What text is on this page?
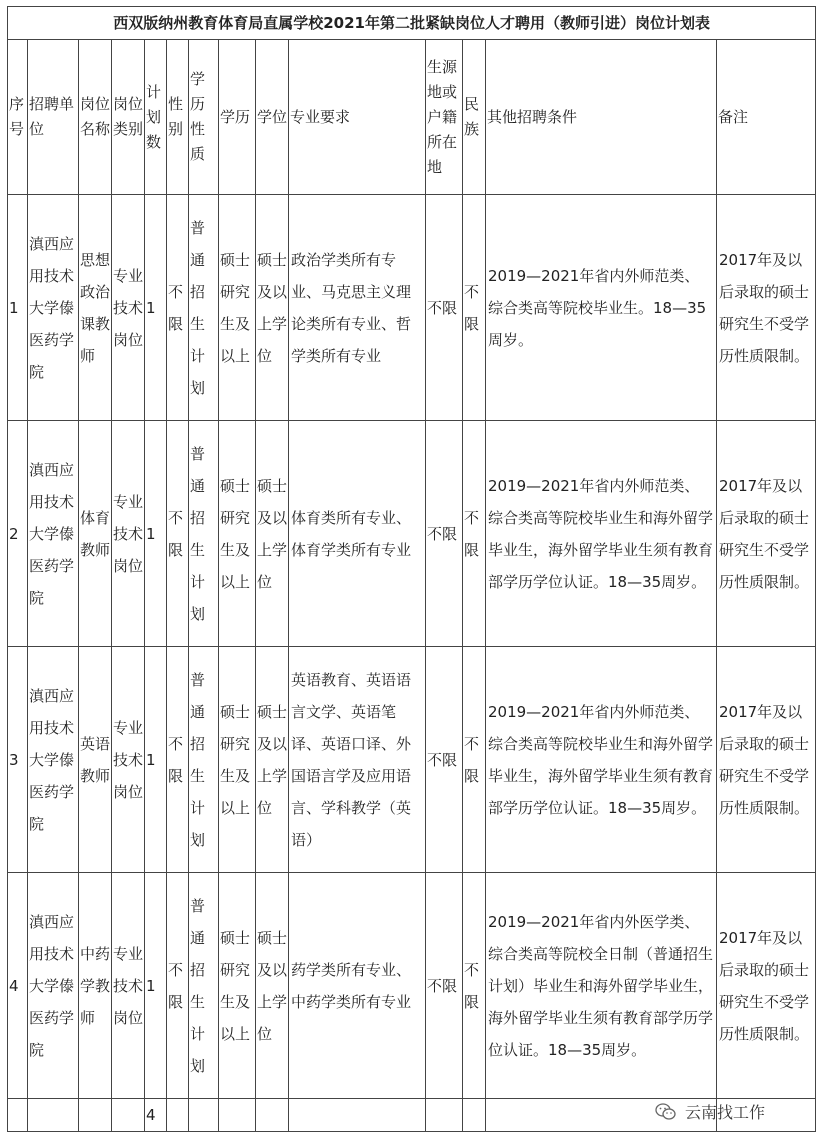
西双版纳州教育体育局直属学校2021年第二批紧缺岗位人才聘用（教师引进）岗位计划表													
序号	招聘单位	岗位名称	岗位类别	计划数	性别	学历性质	学历	学位	专业要求	生源地或户籍所在地	民族	其他招聘条件	备注
1	滇西应用技术大学傣医药学院	思想政治课教师	专业技术岗位	1	不限	普通招生计划	硕士研究生及以上	硕士及以上学位	政治学类所有专业、马克思主义理论类所有专业、哲学类所有专业	不限	不限	2019—2021年省内外师范类、综合类高等院校毕业生。18—35周岁。	2017年及以后录取的硕士研究生不受学历性质限制。
2	滇西应用技术大学傣医药学院	体育教师	专业技术岗位	1	不限	普通招生计划	硕士研究生及以上	硕士及以上学位	体育类所有专业、体育学类所有专业	不限	不限	2019—2021年省内外师范类、综合类高等院校毕业生和海外留学毕业生，海外留学毕业生须有教育部学历学位认证。18—35周岁。	2017年及以后录取的硕士研究生不受学历性质限制。
3	滇西应用技术大学傣医药学院	英语教师	专业技术岗位	1	不限	普通招生计划	硕士研究生及以上	硕士及以上学位	英语教育、英语语言文学、英语笔译、英语口译、外国语言学及应用语言、学科教学（英语）	不限	不限	2019—2021年省内外师范类、综合类高等院校毕业生和海外留学毕业生，海外留学毕业生须有教育部学历学位认证。18—35周岁。	2017年及以后录取的硕士研究生不受学历性质限制。
4	滇西应用技术大学傣医药学院	中药学教师	专业技术岗位	1	不限	普通招生计划	硕士研究生及以上	硕士及以上学位	药学类所有专业、中药学类所有专业	不限	不限	2019—2021年省内外医学类、综合类高等院校全日制（普通招生计划）毕业生和海外留学毕业生，海外留学毕业生须有教育部学历学位认证。18—35周岁。	2017年及以后录取的硕士研究生不受学历性质限制。
				4										云南找工作
